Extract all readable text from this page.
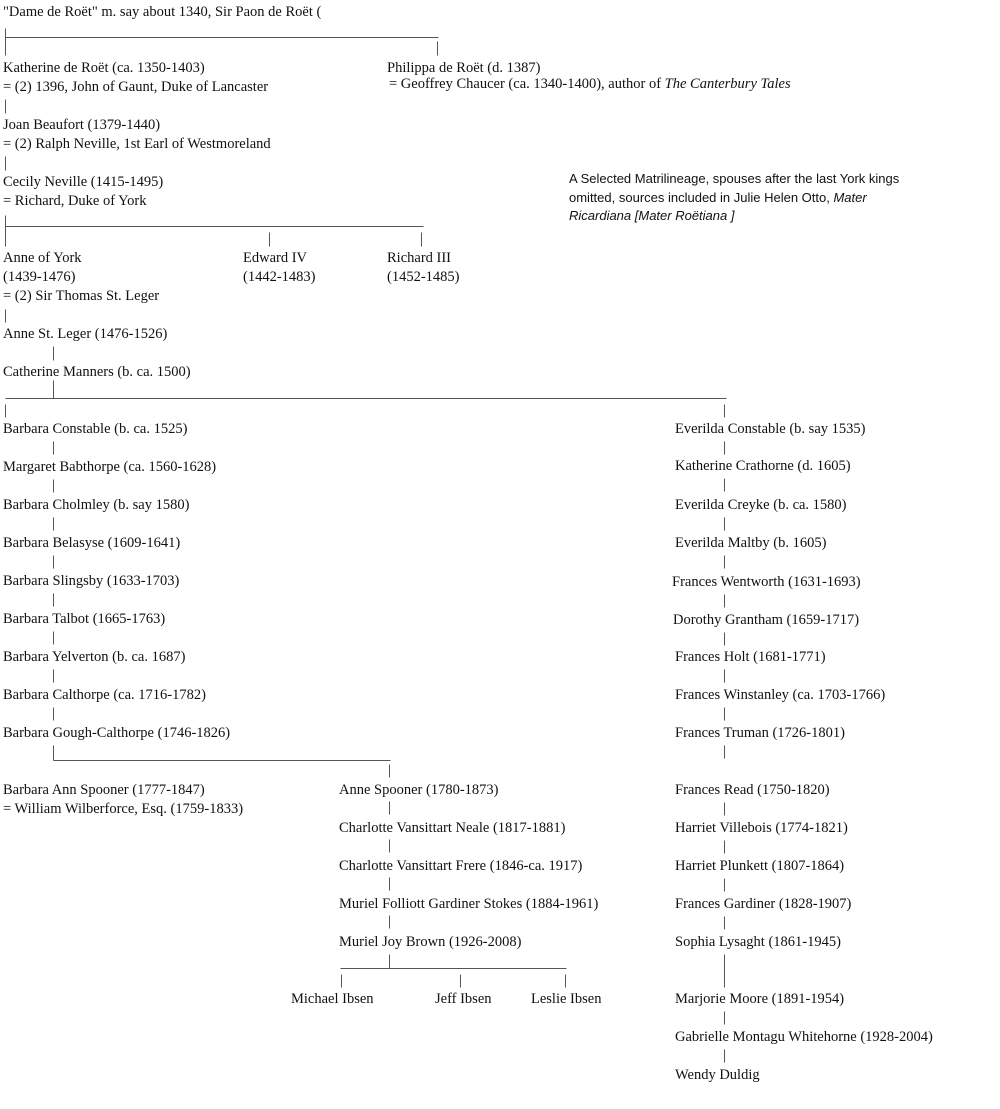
"Dame de Roët" m. say about 1340, Sir Paon de Roët (
Katherine de Roët (ca. 1350-1403)
= (2) 1396, John of Gaunt, Duke of Lancaster
Philippa de Roët (d. 1387)
= Geoffrey Chaucer (ca. 1340-1400), author of The Canterbury Tales
Joan Beaufort (1379-1440)
= (2) Ralph Neville, 1st Earl of Westmoreland
Cecily Neville (1415-1495)
= Richard, Duke of York
A Selected Matrilineage, spouses after the last York kings omitted, sources included in Julie Helen Otto, Mater Ricardiana [Mater Roëtiana ]
Anne of York
(1439-1476)
= (2) Sir Thomas St. Leger
Edward IV
(1442-1483)
Richard III
(1452-1485)
Anne St. Leger (1476-1526)
Catherine Manners (b. ca. 1500)
Barbara Constable (b. ca. 1525)
Margaret Babthorpe (ca. 1560-1628)
Barbara Cholmley (b. say 1580)
Barbara Belasyse (1609-1641)
Barbara Slingsby (1633-1703)
Barbara Talbot (1665-1763)
Barbara Yelverton (b. ca. 1687)
Barbara Calthorpe (ca. 1716-1782)
Barbara Gough-Calthorpe (1746-1826)
Barbara Ann Spooner (1777-1847)
= William Wilberforce, Esq. (1759-1833)
Anne Spooner (1780-1873)
Charlotte Vansittart Neale (1817-1881)
Charlotte Vansittart Frere (1846-ca. 1917)
Muriel Folliott Gardiner Stokes (1884-1961)
Muriel Joy Brown (1926-2008)
Michael Ibsen	Jeff Ibsen	Leslie Ibsen
Everilda Constable (b. say 1535)
Katherine Crathorne (d. 1605)
Everilda Creyke (b. ca. 1580)
Everilda Maltby (b. 1605)
Frances Wentworth (1631-1693)
Dorothy Grantham (1659-1717)
Frances Holt (1681-1771)
Frances Winstanley (ca. 1703-1766)
Frances Truman (1726-1801)
Frances Read (1750-1820)
Harriet Villebois (1774-1821)
Harriet Plunkett (1807-1864)
Frances Gardiner (1828-1907)
Sophia Lysaght (1861-1945)
Marjorie Moore (1891-1954)
Gabrielle Montagu Whitehorne (1928-2004)
Wendy Duldig
